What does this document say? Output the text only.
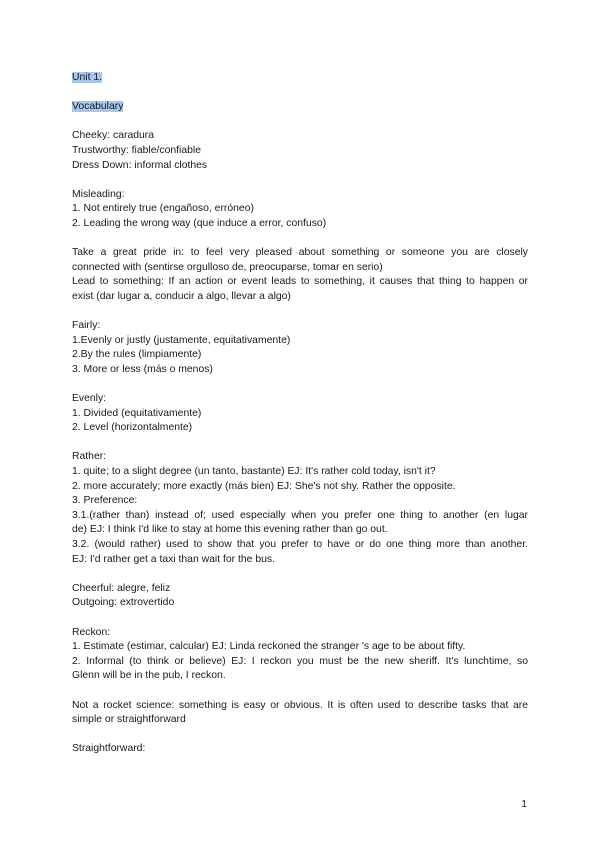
Unit 1.
Vocabulary
Cheeky: caradura
Trustworthy: fiable/confiable
Dress Down: informal clothes
Misleading:
1. Not entirely true (engañoso, erróneo)
2. Leading the wrong way (que induce a error, confuso)
Take a great pride in: to feel very pleased about something or someone you are closely
connected with (sentirse orgulloso de, preocuparse, tomar en serio)
Lead to something: If an action or event leads to something, it causes that thing to happen or
exist (dar lugar a, conducir a algo, llevar a algo)
Fairly:
1.Evenly or justly (justamente, equitativamente)
2.By the rules (limpiamente)
3. More or less (más o menos)
Evenly:
1. Divided (equitativamente)
2. Level (horizontalmente)
Rather:
1. quite; to a slight degree (un tanto, bastante) EJ: It's rather cold today, isn't it?
2. more accurately; more exactly (más bien) EJ: She's not shy. Rather the opposite.
3. Preference:
3.1.(rather than) instead of; used especially when you prefer one thing to another (en lugar
de) EJ: I think I'd like to stay at home this evening rather than go out.
3.2. (would rather) used to show that you prefer to have or do one thing more than another.
EJ: I'd rather get a taxi than wait for the bus.
Cheerful: alegre, feliz
Outgoing: extrovertido
Reckon:
1. Estimate (estimar, calcular) EJ: Linda reckoned the stranger 's age to be about fifty.
2. Informal (to think or believe) EJ: I reckon you must be the new sheriff. It's lunchtime, so
Glenn will be in the pub, I reckon.
Not a rocket science: something is easy or obvious. It is often used to describe tasks that are
simple or straightforward
Straightforward:
1
